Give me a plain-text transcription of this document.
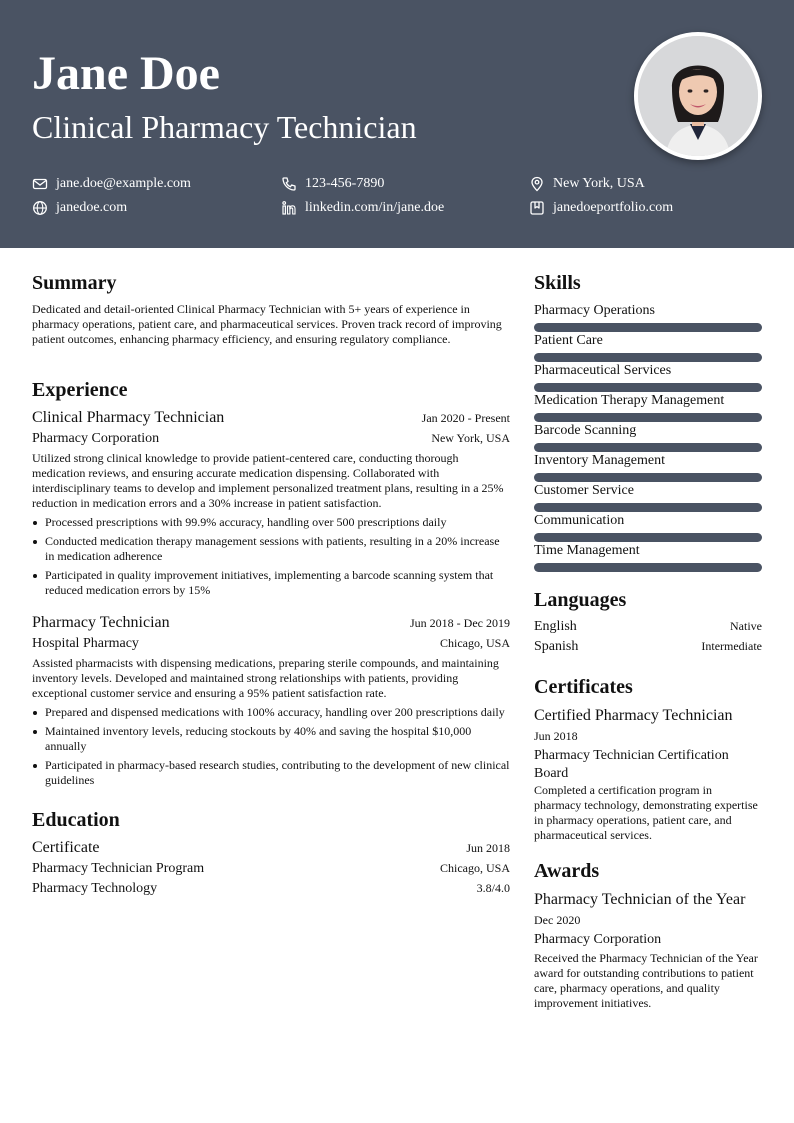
Jane Doe
Clinical Pharmacy Technician
jane.doe@example.com	123-456-7890	New York, USA
janedoe.com	linkedin.com/in/jane.doe	janedoeportfolio.com
Summary
Dedicated and detail-oriented Clinical Pharmacy Technician with 5+ years of experience in pharmacy operations, patient care, and pharmaceutical services. Proven track record of improving patient outcomes, enhancing pharmacy efficiency, and ensuring regulatory compliance.
Experience
Clinical Pharmacy Technician	Jan 2020 - Present
Pharmacy Corporation	New York, USA
Utilized strong clinical knowledge to provide patient-centered care, conducting thorough medication reviews, and ensuring accurate medication dispensing. Collaborated with interdisciplinary teams to develop and implement personalized treatment plans, resulting in a 25% reduction in medication errors and a 30% increase in patient satisfaction.
Processed prescriptions with 99.9% accuracy, handling over 500 prescriptions daily
Conducted medication therapy management sessions with patients, resulting in a 20% increase in medication adherence
Participated in quality improvement initiatives, implementing a barcode scanning system that reduced medication errors by 15%
Pharmacy Technician	Jun 2018 - Dec 2019
Hospital Pharmacy	Chicago, USA
Assisted pharmacists with dispensing medications, preparing sterile compounds, and maintaining inventory levels. Developed and maintained strong relationships with patients, providing exceptional customer service and ensuring a 95% patient satisfaction rate.
Prepared and dispensed medications with 100% accuracy, handling over 200 prescriptions daily
Maintained inventory levels, reducing stockouts by 40% and saving the hospital $10,000 annually
Participated in pharmacy-based research studies, contributing to the development of new clinical guidelines
Education
Certificate	Jun 2018
Pharmacy Technician Program	Chicago, USA
Pharmacy Technology	3.8/4.0
Skills
Pharmacy Operations
Patient Care
Pharmaceutical Services
Medication Therapy Management
Barcode Scanning
Inventory Management
Customer Service
Communication
Time Management
Languages
English	Native
Spanish	Intermediate
Certificates
Certified Pharmacy Technician
Jun 2018
Pharmacy Technician Certification Board
Completed a certification program in pharmacy technology, demonstrating expertise in pharmacy operations, patient care, and pharmaceutical services.
Awards
Pharmacy Technician of the Year
Dec 2020
Pharmacy Corporation
Received the Pharmacy Technician of the Year award for outstanding contributions to patient care, pharmacy operations, and quality improvement initiatives.
